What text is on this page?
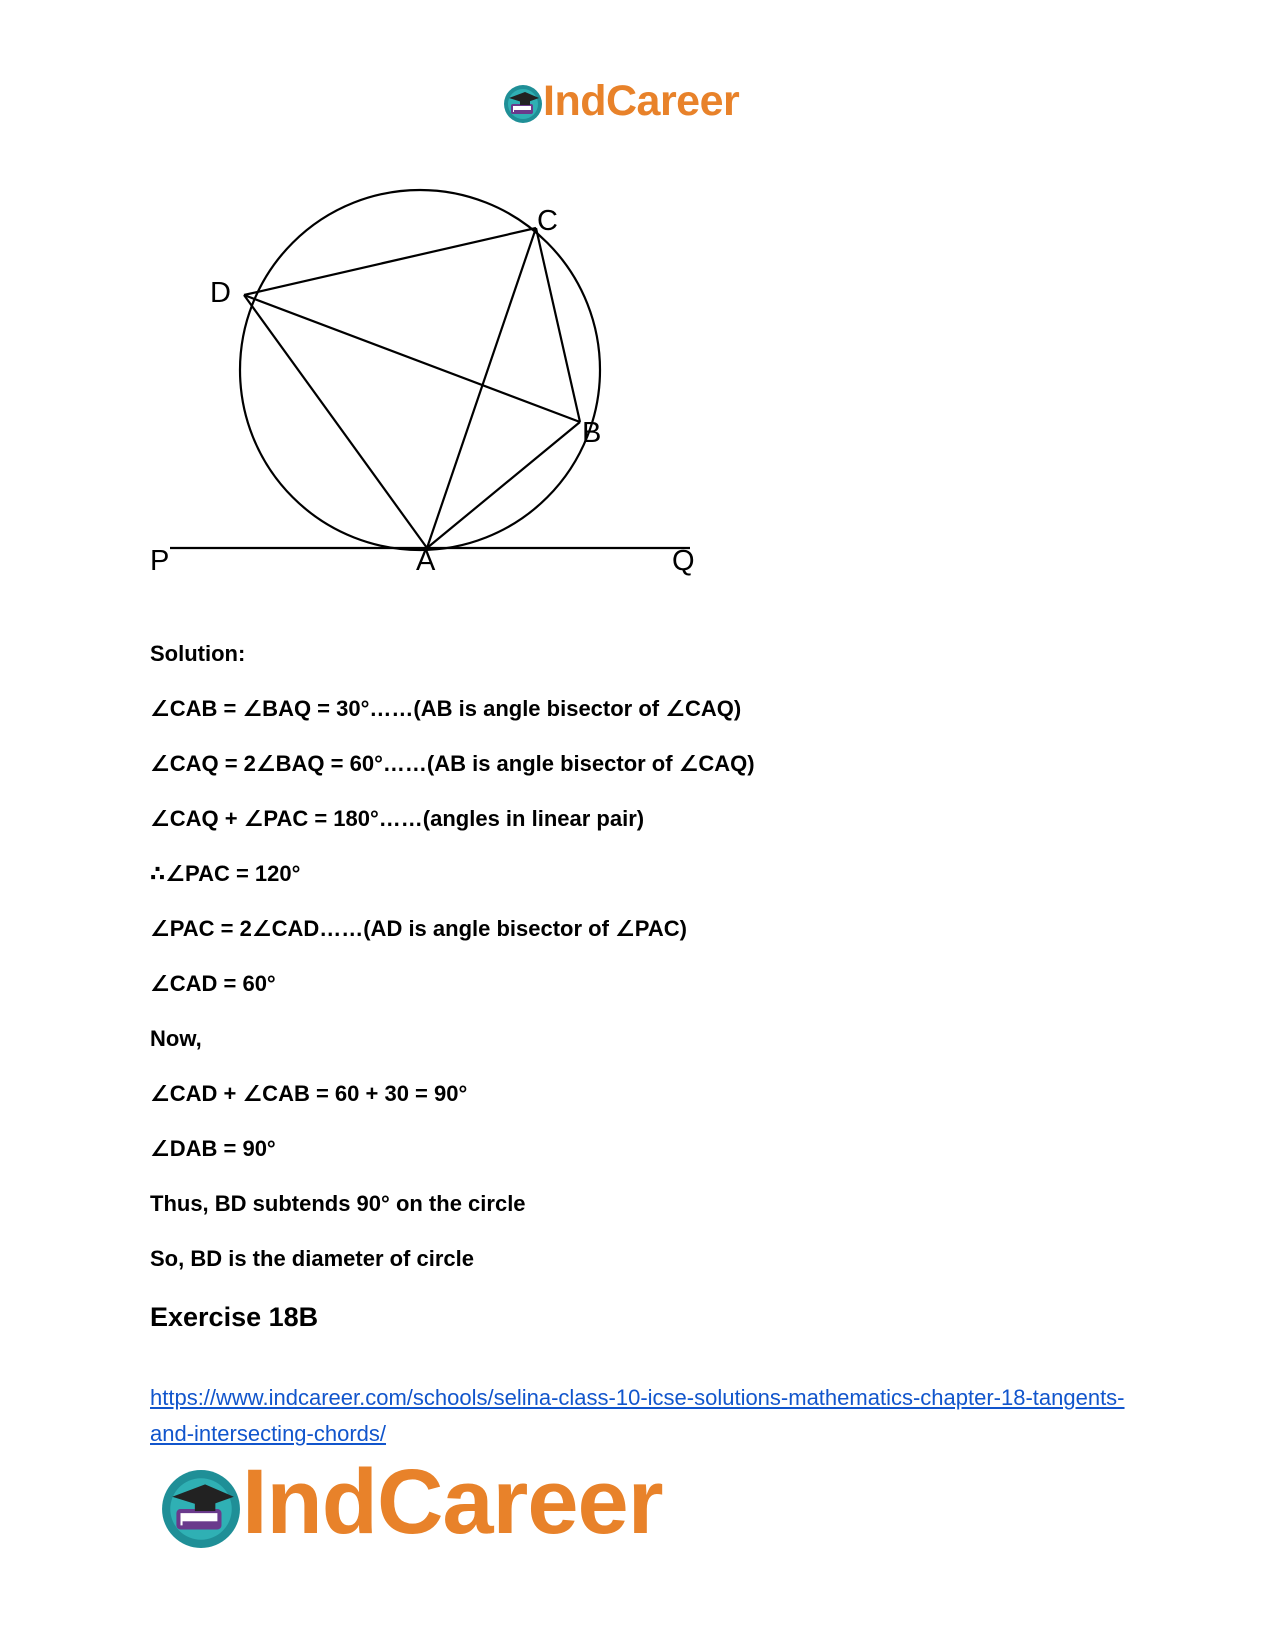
IndCareer
C
D
B
P	A	Q

Solution:

∠CAB = ∠BAQ = 30°……(AB is angle bisector of ∠CAQ)

∠CAQ = 2∠BAQ = 60°……(AB is angle bisector of ∠CAQ)

∠CAQ + ∠PAC = 180°……(angles in linear pair)

∴∠PAC = 120°

∠PAC = 2∠CAD……(AD is angle bisector of ∠PAC)

∠CAD = 60°

Now,

∠CAD + ∠CAB = 60 + 30 = 90°

∠DAB = 90°

Thus, BD subtends 90° on the circle

So, BD is the diameter of circle

Exercise 18B
https://www.indcareer.com/schools/selina-class-10-icse-solutions-mathematics-chapter-18-tangents-and-intersecting-chords/
IndCareer
